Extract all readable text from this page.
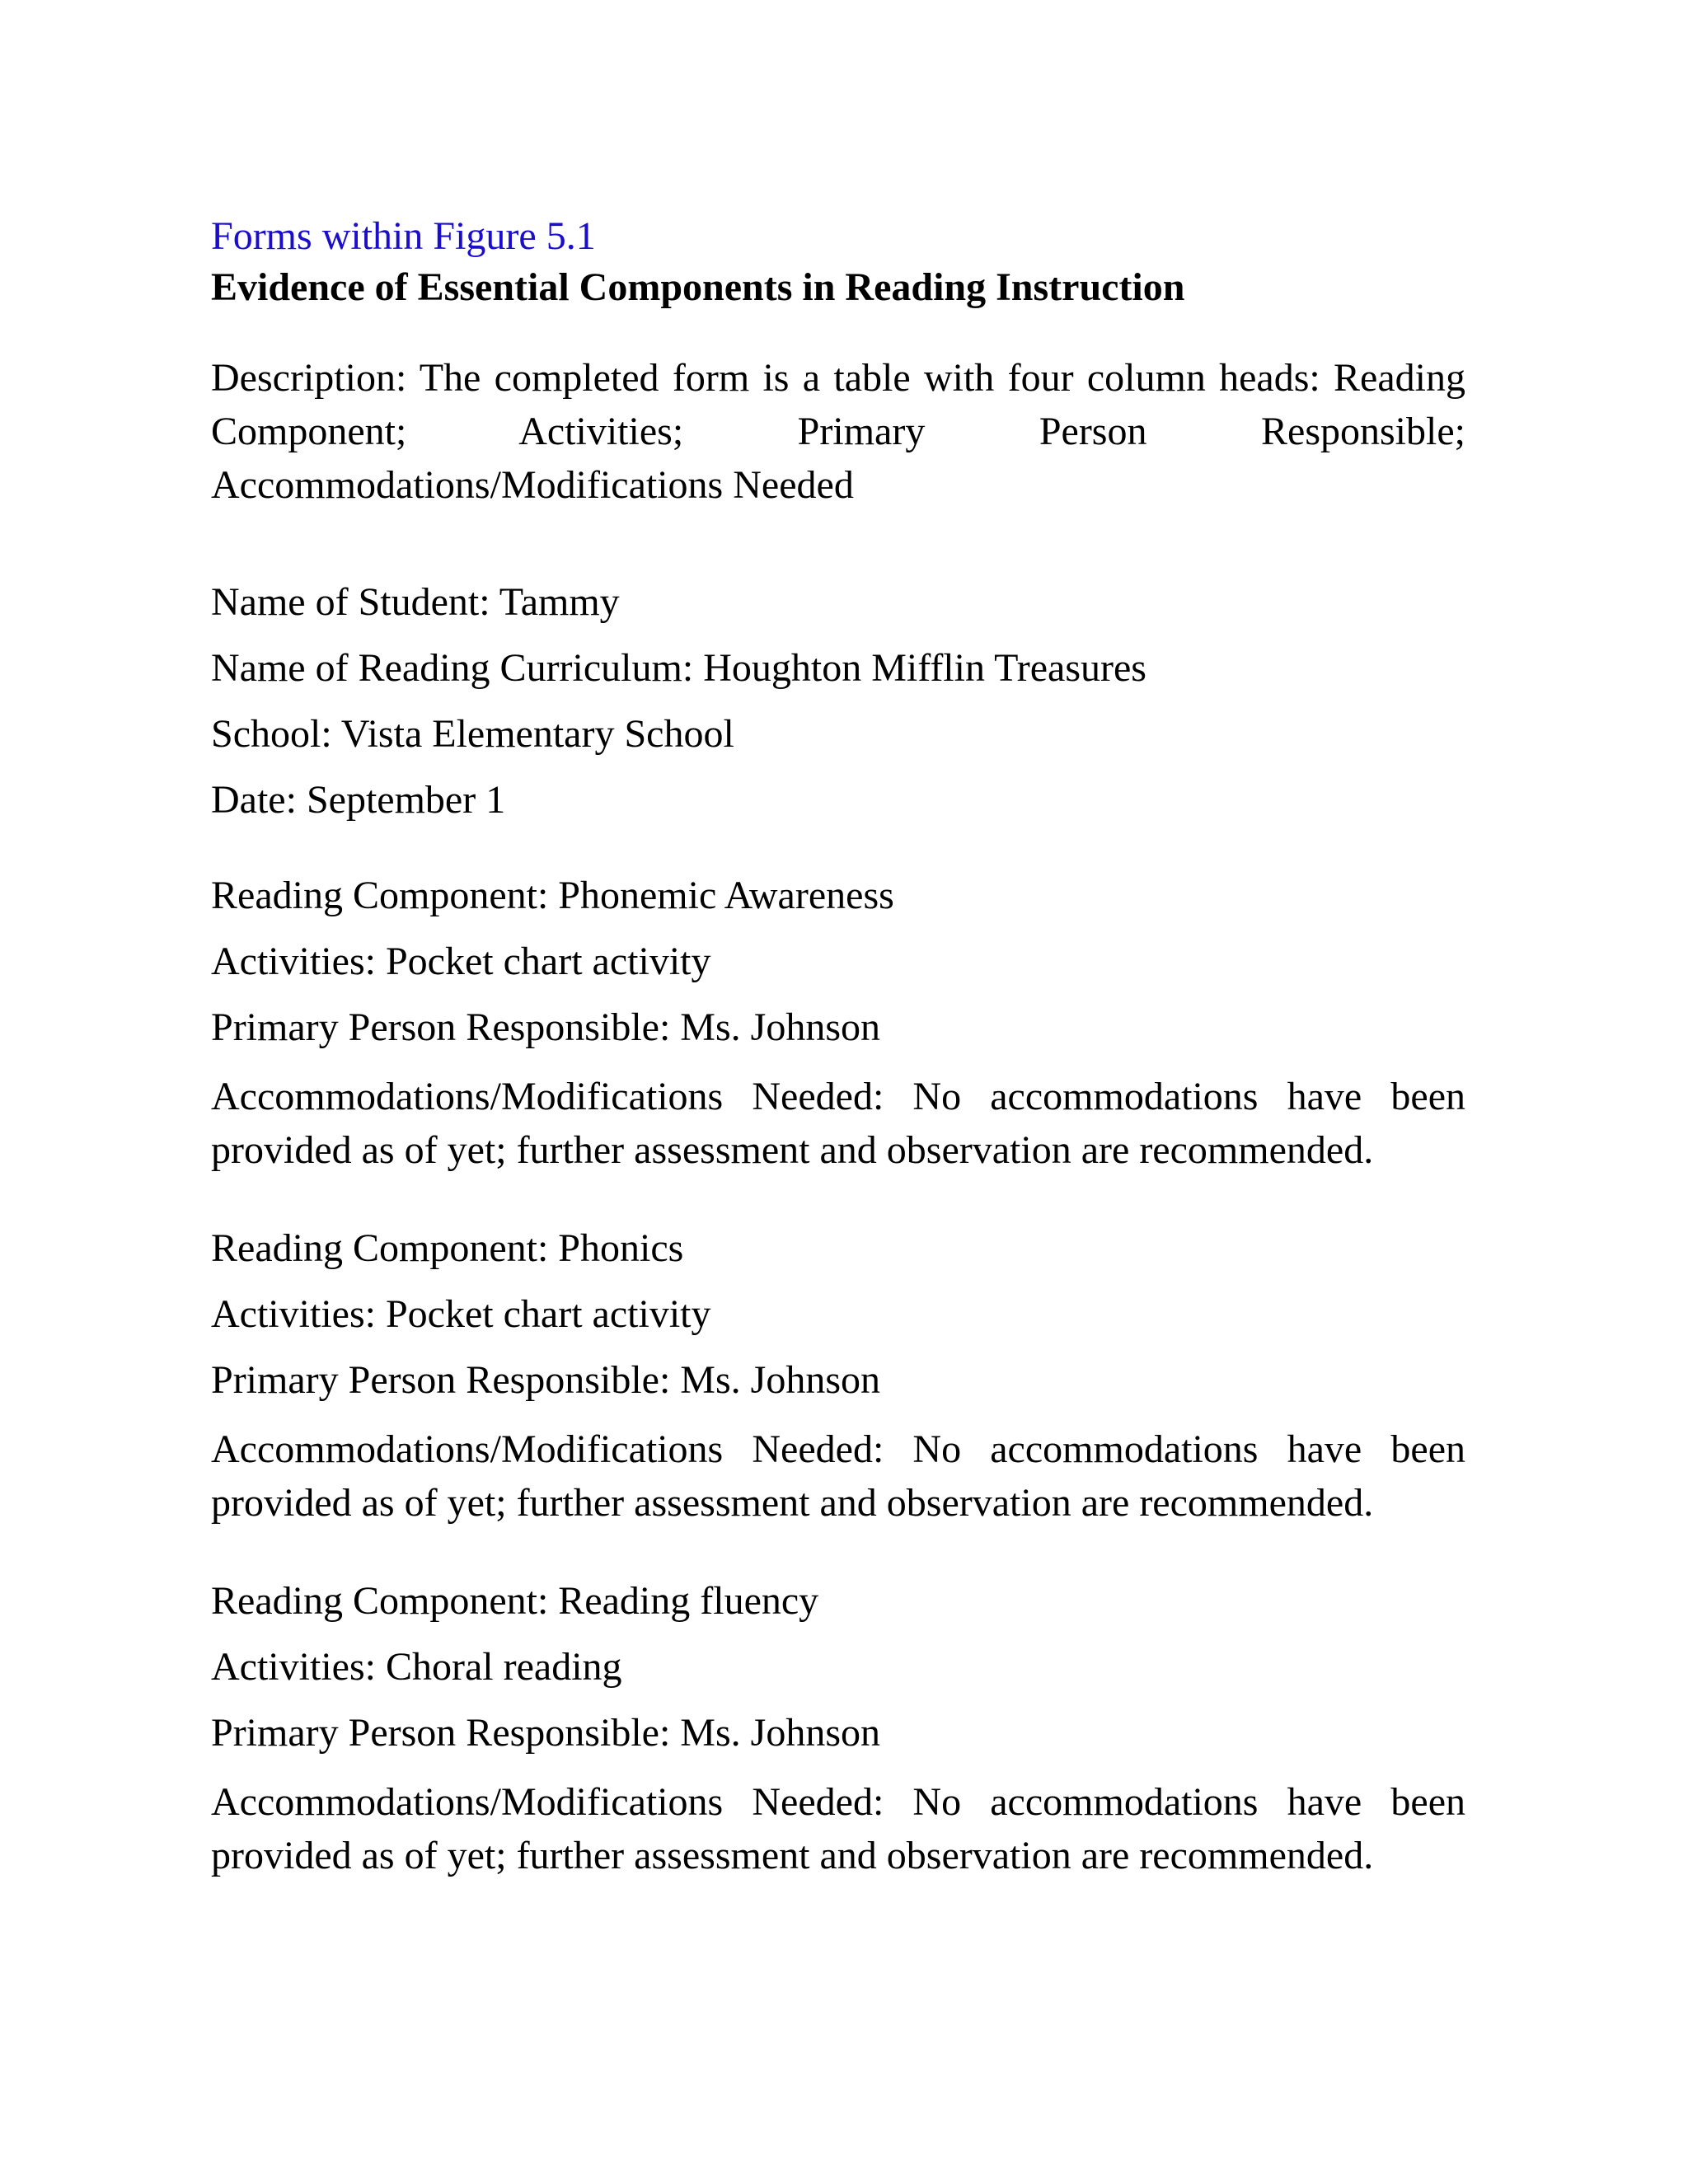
Forms within Figure 5.1

Evidence of Essential Components in Reading Instruction

Description: The completed form is a table with four column heads: Reading Component; Activities; Primary Person Responsible; Accommodations/Modifications Needed

Name of Student: Tammy

Name of Reading Curriculum: Houghton Mifflin Treasures

School: Vista Elementary School

Date: September 1

Reading Component: Phonemic Awareness

Activities: Pocket chart activity

Primary Person Responsible: Ms. Johnson

Accommodations/Modifications Needed: No accommodations have been provided as of yet; further assessment and observation are recommended.

Reading Component: Phonics

Activities: Pocket chart activity

Primary Person Responsible: Ms. Johnson

Accommodations/Modifications Needed: No accommodations have been provided as of yet; further assessment and observation are recommended.

Reading Component: Reading fluency

Activities: Choral reading

Primary Person Responsible: Ms. Johnson

Accommodations/Modifications Needed: No accommodations have been provided as of yet; further assessment and observation are recommended.
